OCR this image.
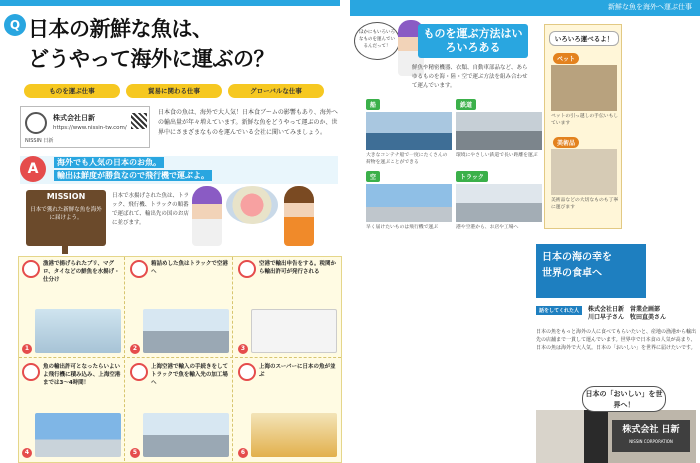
新鮮な魚を海外へ運ぶ仕事
Q 日本の新鮮な魚は、
どうやって海外に運ぶの？
ものを運ぶ仕事	貿易に関わる仕事	グローバルな仕事
株式会社日新
https://www.nissin-tw.com/
NISSIN 日新
日本食の魚は、海外で大人気！日本食ブームの影響もあり、海外への輸出量が年々増えています。新鮮な魚をどうやって運ぶのか、世界中にさまざまなものを運んでいる会社に聞いてみましょう。
A	海外でも人気の日本のお魚。
輸出は鮮度が勝負なので飛行機で運ぶよ。
MISSION
日本で獲れた新鮮な魚を海外に届けよう。
日本で水揚げされた魚は、トラック、飛行機、トラックの順番で運ばれて、輸出先の国のお店に並びます。
漁港で揚げられたブリ、マグロ、タイなどの鮮魚を水揚げ・仕分け
1
箱詰めした魚はトラックで空港へ
2
空港で輸出申告をする。税関から輸出許可が発行される
3
魚の輸出許可となったらいよいよ飛行機に積み込み、上海空港までは3〜4時間！
4
上海空港で輸入の手続きをしてトラックで魚を輸入先の加工場へ
5
上海のスーパーに日本の魚が並ぶ
6
ほかにもいろいろなものを運んでいるんだって！
ものを運ぶ方法はいろいろある
鮮魚や精密機器、衣類、自動車部品など、あらゆるものを海・陸・空で運ぶ方法を組み合わせて運んでいます。
船
大きなコンテナ船で一度にたくさんの荷物を運ぶことができる
鉄道
環境にやさしい鉄道で長い距離を運ぶ
空
早く届けたいものは飛行機で運ぶ
トラック
港や空港から、お店や工場へ
いろいろ運べるよ！
ペット
ペットの引っ越しの手伝いもしています
美術品
美術品などの大切なものも丁寧に運びます
日本の海の幸を
世界の食卓へ
話をしてくれた人	株式会社日新　営業企画部
川口早子さん　牧田直美さん
日本の魚をもっと海外の人に食べてもらいたいと、産地の漁港から輸出先の店舗まで一貫して運んでいます。世界中で日本食の人気が高まり、日本の魚は海外で大人気。日本の「おいしい」を世界に届けたいです。
株式会社 日新
NISSIN CORPORATION
日本の「おいしい」を世界へ！
